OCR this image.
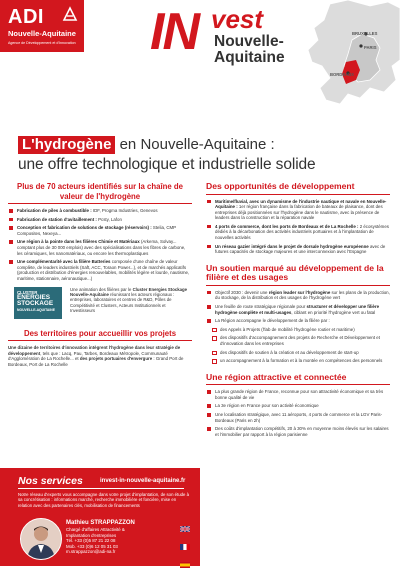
ADI
Nouvelle-Aquitaine
Agence de Développement et d'Innovation IN vest
Nouvelle-
Aquitaine
BRUXELLES
PARIS
BORDEAUX
L'hydrogène en Nouvelle-Aquitaine :
une offre technologique et industrielle solide
Plus de 70 acteurs identifiés sur la chaîne de valeur de l'hydrogène
Fabrication de piles à combustible : IDF, Progma Industries, Genevos
Fabrication de station d'avitaillement : Pcsty, Lafon
Conception et fabrication de solutions de stockage (réservoirs) : Stelia, CMP Composites, Nexeya...
Une région à la pointe dans les filières Chimie et Matériaux (Arkema, Solvay... comptant plus de 30 000 emplois) avec des spécialisations dans les fibres de carbone, les céramiques, les nanomatériaux, ou encore les thermoplastiques
Une complémentarité avec la filière Batteries composée d'une chaîne de valeur complète, de leaders industriels (Saft, ACC, Toraon Power...), et de marchés applicatifs (production et distribution d'énergies renouvelables, mobilités légère et lourde, nautisme, maritime, stationnaire, aéronautique...)
CLUSTER
ÉNERGIES
STOCKAGE
NOUVELLE-AQUITAINE
Une animation des filières par le Cluster Energies Stockage Nouvelle-Aquitaine réunissant les acteurs régionaux : entreprises, laboratoires et centres de R&D, Pôles de Compétitivité et Clusters, Acteurs Institutionnels et Investisseurs
Des territoires pour accueillir vos projets
Une dizaine de territoires d'innovation intègrent l'hydrogène dans leur stratégie de développement, tels que : Lacq, Pau, Tarbes, Bordeaux Métropole, Communauté d'Agglomération de La Rochelle... et des projets portuaires d'envergure : Grand Port de Bordeaux, Port de La Rochelle
Des opportunités de développement
Maritime/fluvial, avec un dynamisme de l'industrie nautique et navale en Nouvelle-Aquitaine : 1er région française dans la fabrication de bateaux de plaisance, dont des entreprises déjà positionnées sur l'hydrogène dans le nautisme, avec la présence de leaders dans la construction et la réparation navale
4 ports de commerce, dont les ports de Bordeaux et de La Rochelle : 2 écosystèmes dédiés à la décarbonation des activités industriels portuaires et à l'implantation de nouvelles activités
Un réseau gazier intégré dans le projet de dorsale hydrogène européenne avec de futures capacités de stockage majeures et une interconnexion avec l'Espagne
Un soutien marqué au développement de la filière et des usages
Objectif 2030 : devenir une région leader sur l'hydrogène sur les plans de la production, du stockage, de la distribution et des usages de l'hydrogène vert
Une feuille de route stratégique régionale pour structurer et développer une filière hydrogène complète et multi-usages, ciblant en priorité l'hydrogène vert ou fatal
La Région accompagne le développement de la filière par :
des Appels à Projets (l'lab de mobilité l'hydrogène routier et maritime)
des dispositifs d'accompagnement des projets de Recherche et Développement et d'innovation dans les entreprises
des dispositifs de soutien à la création et au développement de start-up
un accompagnement à la formation et à la montée en compétences des personnels
Une région attractive et connectée
La plus grande région de France, reconnue pour son attractivité économique et sa très bonne qualité de vie
La 3e région en France pour son activité économique
Une localisation stratégique, avec 11 aéroports, 4 ports de commerce et la LGV Paris-Bordeaux (Paris en 2h)
Des coûts d'implantation compétitifs, 20 à 30% en moyenne moins élevés sur les salaires et l'immobilier par rapport à la région parisienne
Nos services	invest-in-nouvelle-aquitaine.fr
Notre réseau d'experts vous accompagne dans votre projet d'implantation, de son étude à sa concrétisation : informations marché, recherche immobilière et foncière, mise en relation avec des partenaires clés, mobilisation de financements
Mathieu STRAPPAZZON
Chargé d'affaires Attractivité &
Implantation d'entreprises
Tél. +33 (0)5 87 21 22 08
Mob. +33 (0)6 12 05 31 03
m.strappazzon@adi-na.fr
